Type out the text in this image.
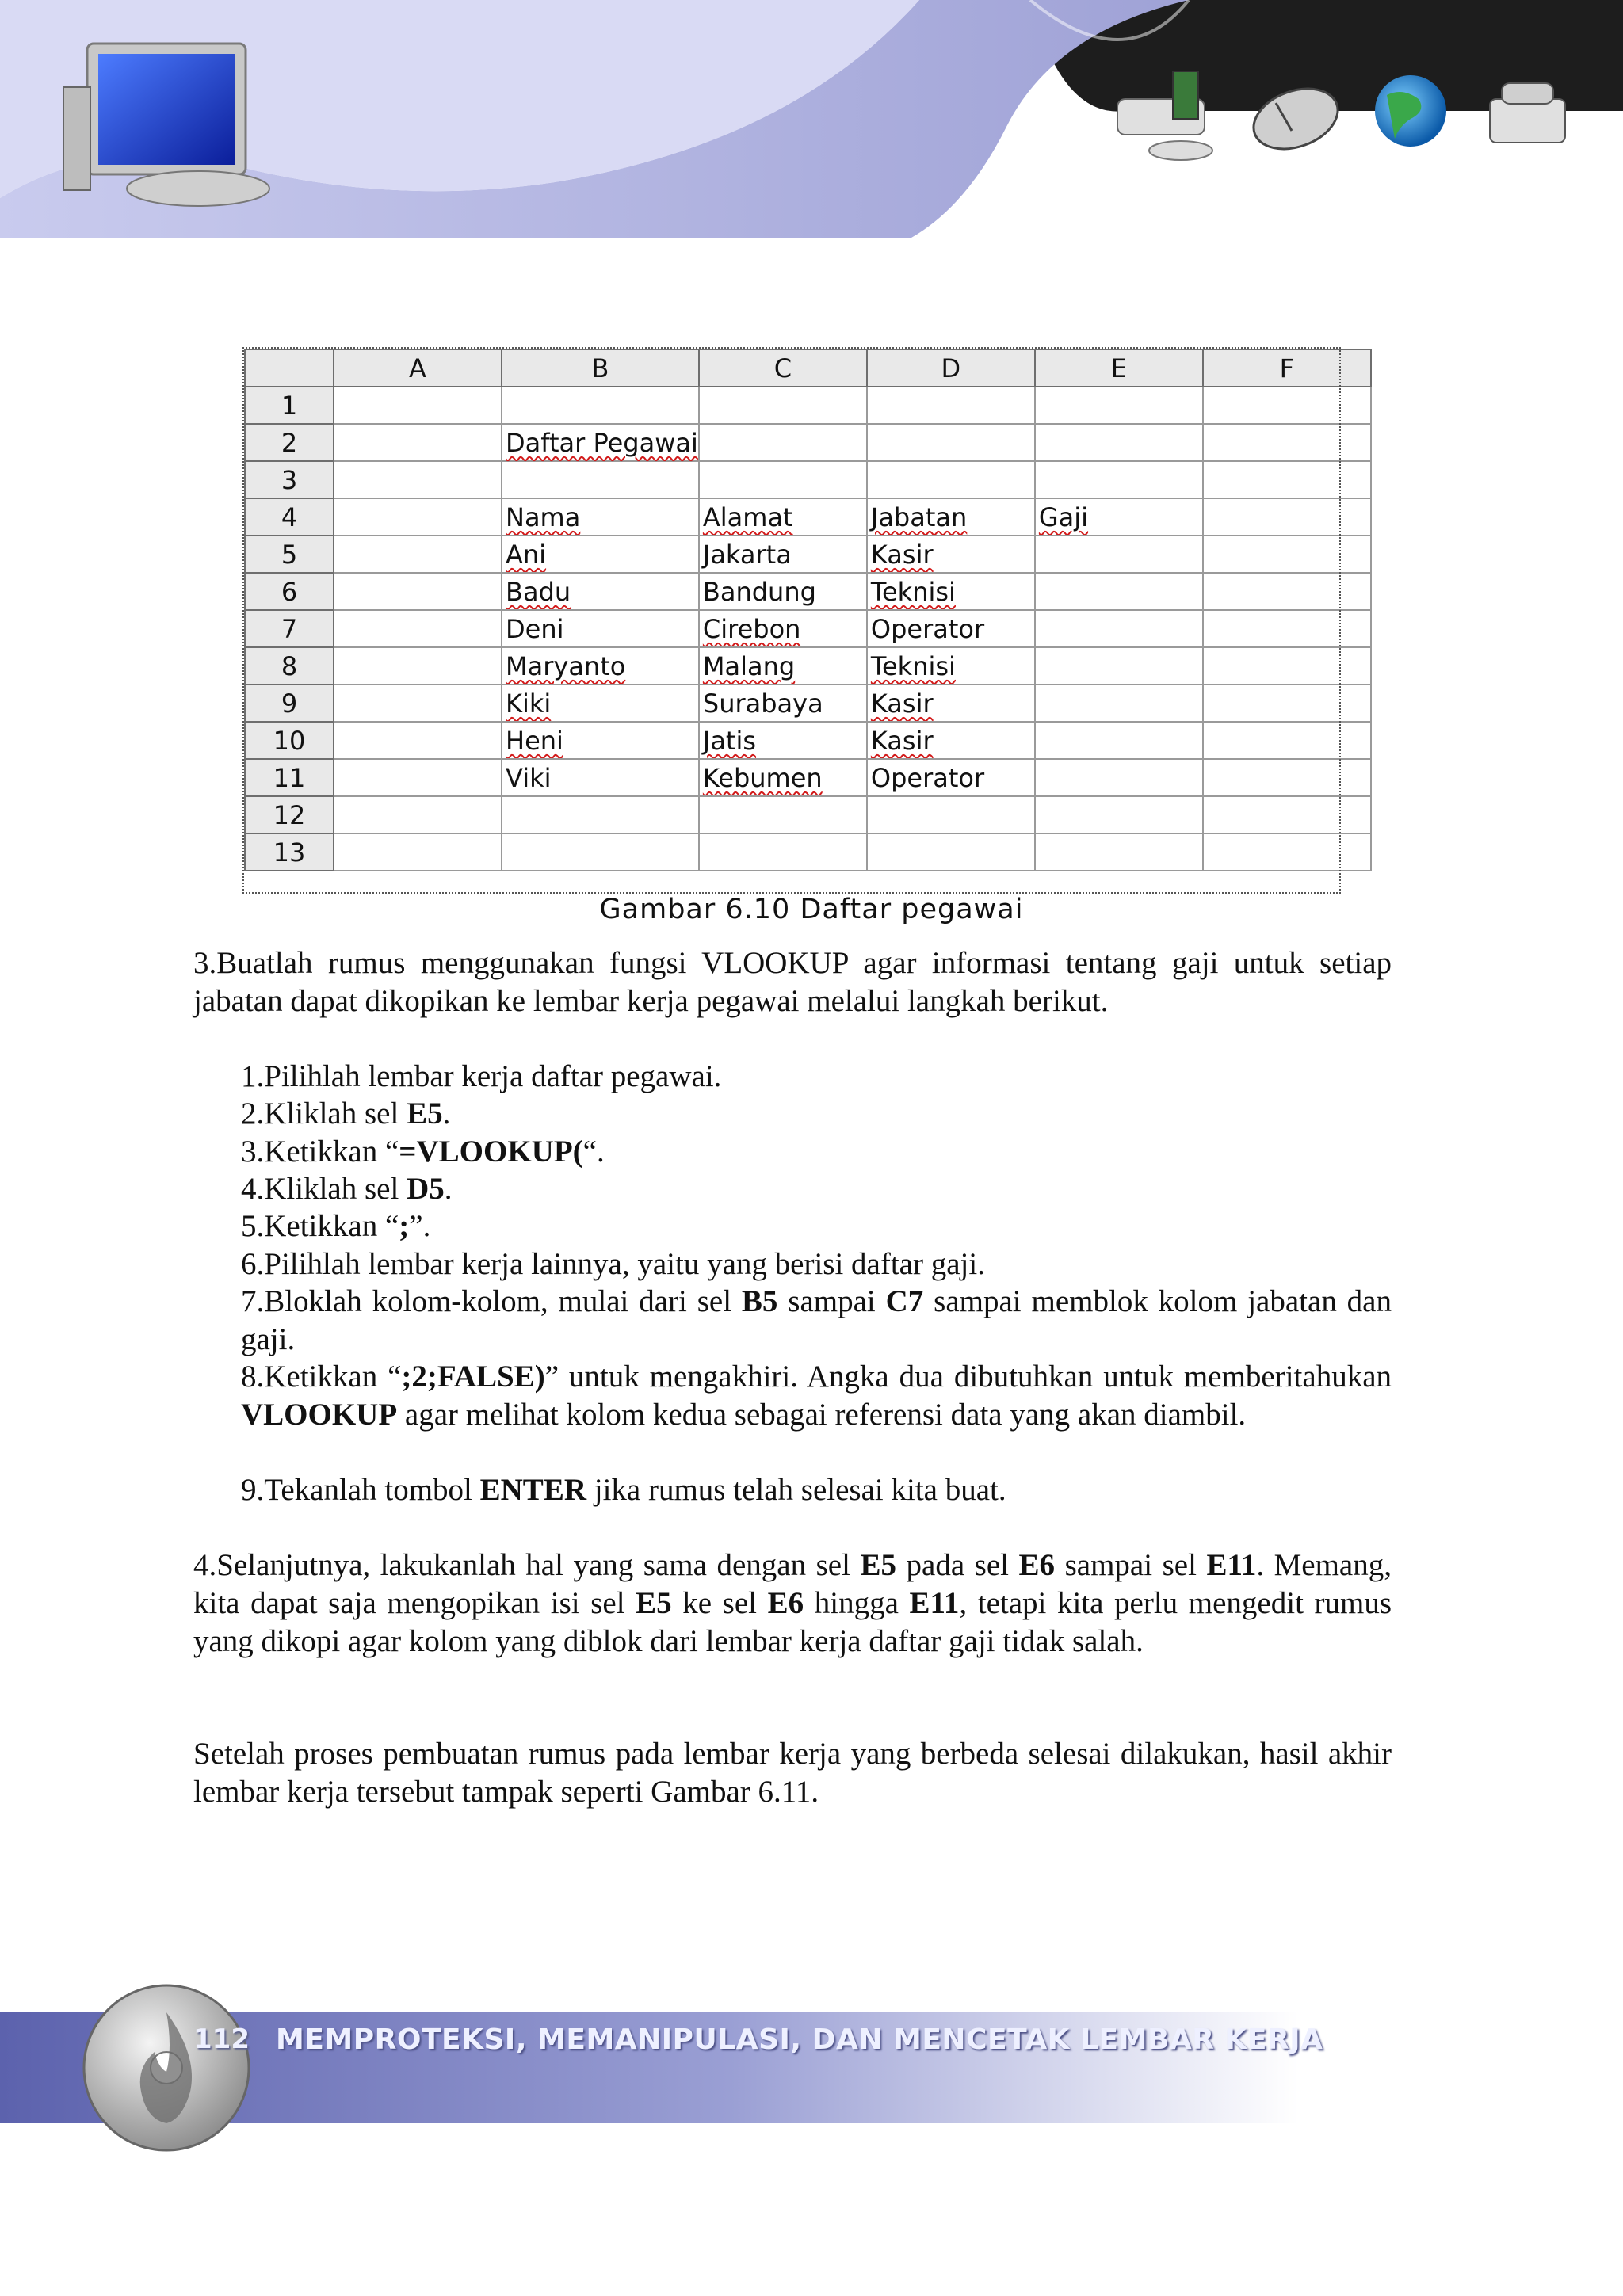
	A	B	C	D	E	F
1						
2		Daftar Pegawai				
3						
4		Nama	Alamat	Jabatan	Gaji	
5		Ani	Jakarta	Kasir		
6		Badu	Bandung	Teknisi		
7		Deni	Cirebon	Operator		
8		Maryanto	Malang	Teknisi		
9		Kiki	Surabaya	Kasir		
10		Heni	Jatis	Kasir		
11		Viki	Kebumen	Operator		
12						
13						
Gambar 6.10 Daftar pegawai
3.Buatlah rumus menggunakan fungsi VLOOKUP agar informasi tentang gaji untuk setiap jabatan dapat dikopikan ke lembar kerja pegawai melalui langkah berikut.
1.Pilihlah lembar kerja daftar pegawai.
2.Kliklah sel E5.
3.Ketikkan “=VLOOKUP(“.
4.Kliklah sel D5.
5.Ketikkan “;”.
6.Pilihlah lembar kerja lainnya, yaitu yang berisi daftar gaji.
7.Bloklah kolom-kolom, mulai dari sel B5 sampai C7 sampai memblok kolom jabatan dan gaji.
8.Ketikkan “;2;FALSE)” untuk mengakhiri. Angka dua dibutuhkan untuk memberitahukan VLOOKUP agar melihat kolom kedua sebagai referensi data yang akan diambil.
9.Tekanlah tombol ENTER jika rumus telah selesai kita buat.
4.Selanjutnya, lakukanlah hal yang sama dengan sel E5 pada sel E6 sampai sel E11. Memang, kita dapat saja mengopikan isi sel E5 ke sel E6 hingga E11, tetapi kita perlu mengedit rumus yang dikopi agar kolom yang diblok dari lembar kerja daftar gaji tidak salah.
Setelah proses pembuatan rumus pada lembar kerja yang berbeda selesai dilakukan, hasil akhir lembar kerja tersebut tampak seperti Gambar 6.11.
112 MEMPROTEKSI, MEMANIPULASI, DAN MENCETAK LEMBAR KERJA
